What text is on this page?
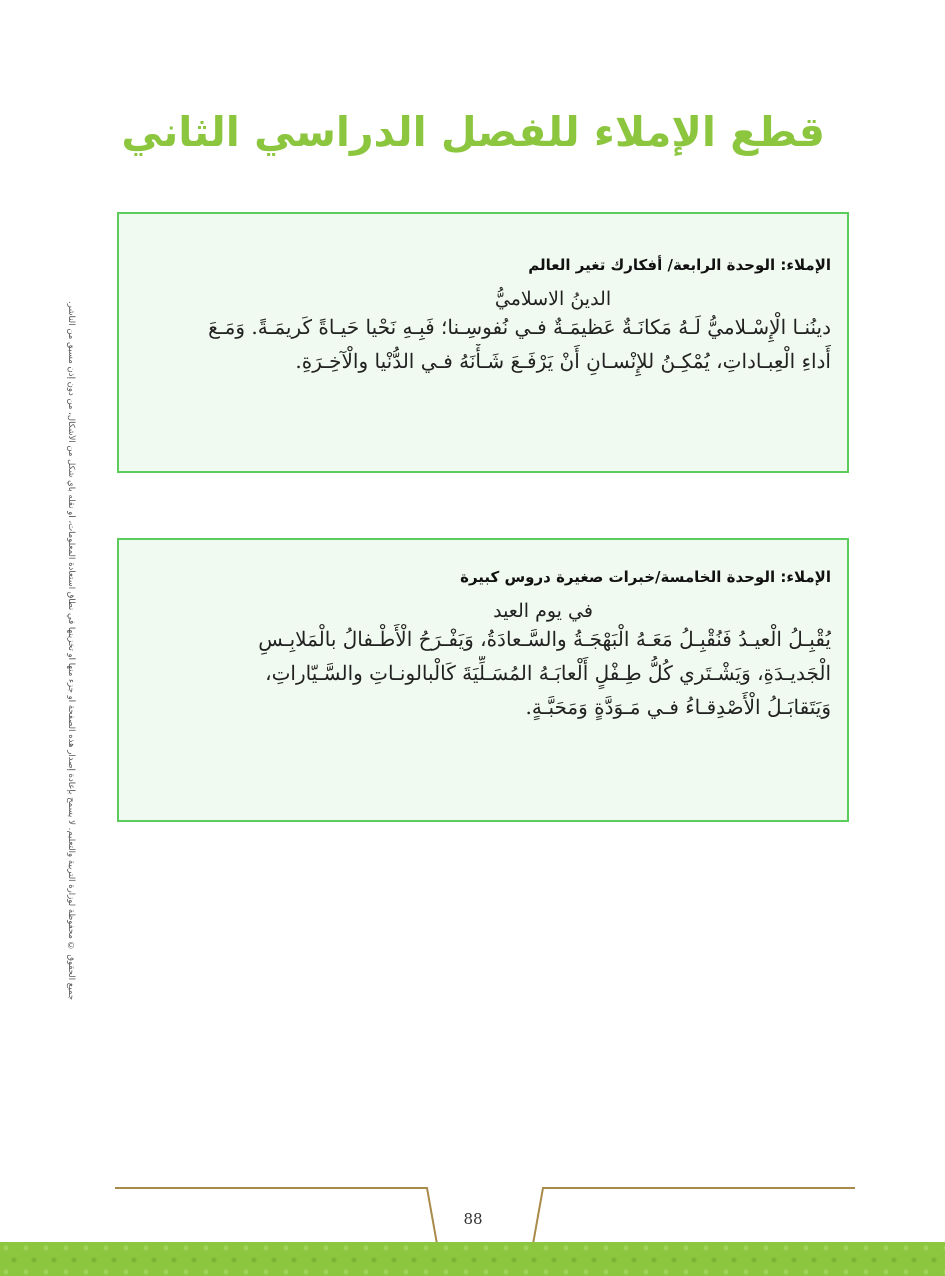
قطع الإملاء للفصل الدراسي الثاني
جميع الحقوق © محفوظة لوزارة التربية والتعليم. لا يسمح بإعادة إصدار هذه الصفحة أو جزء منها أو تخزينها في نطاق استعادة المعلومات، أو نقله بأي شكل من الأشكال، من دون إذن مسبق من الناشر.
الإملاء: الوحدة الرابعة/ أفكارك تغير العالم
الدينُ الاسلاميُّ
دينُنـا الْإِسْـلاميُّ لَـهُ مَكانَـةٌ عَظيمَـةٌ فـي نُفوسِـنا؛ فَبِـهِ نَحْيا حَيـاةً كَريمَـةً. وَمَـعَ
أَداءِ الْعِبـاداتِ، يُمْكِـنُ للإِنْسـانِ أَنْ يَرْفَـعَ شَـأْنَهُ فـي الدُّنْيا والْآخِـرَةِ.
الإملاء: الوحدة الخامسة/خبرات صغيرة دروس كبيرة
في يوم العيد
يُقْبِـلُ الْعيـدُ فَنُقْبِـلُ مَعَـهُ الْبَهْجَـةُ والسَّـعادَةُ، وَيَفْـرَحُ الْأَطْـفالُ بالْمَلابِـسِ
الْجَديـدَةِ، وَيَشْـتَري كُلُّ طِـفْلٍ أَلْعابَـهُ المُسَـلِّيَةَ كَالْبالونـاتِ والسَّـيّاراتِ،
وَيَتَقابَـلُ الْأَصْدِقـاءُ فـي مَـوَدَّةٍ وَمَحَبَّـةٍ.
88
